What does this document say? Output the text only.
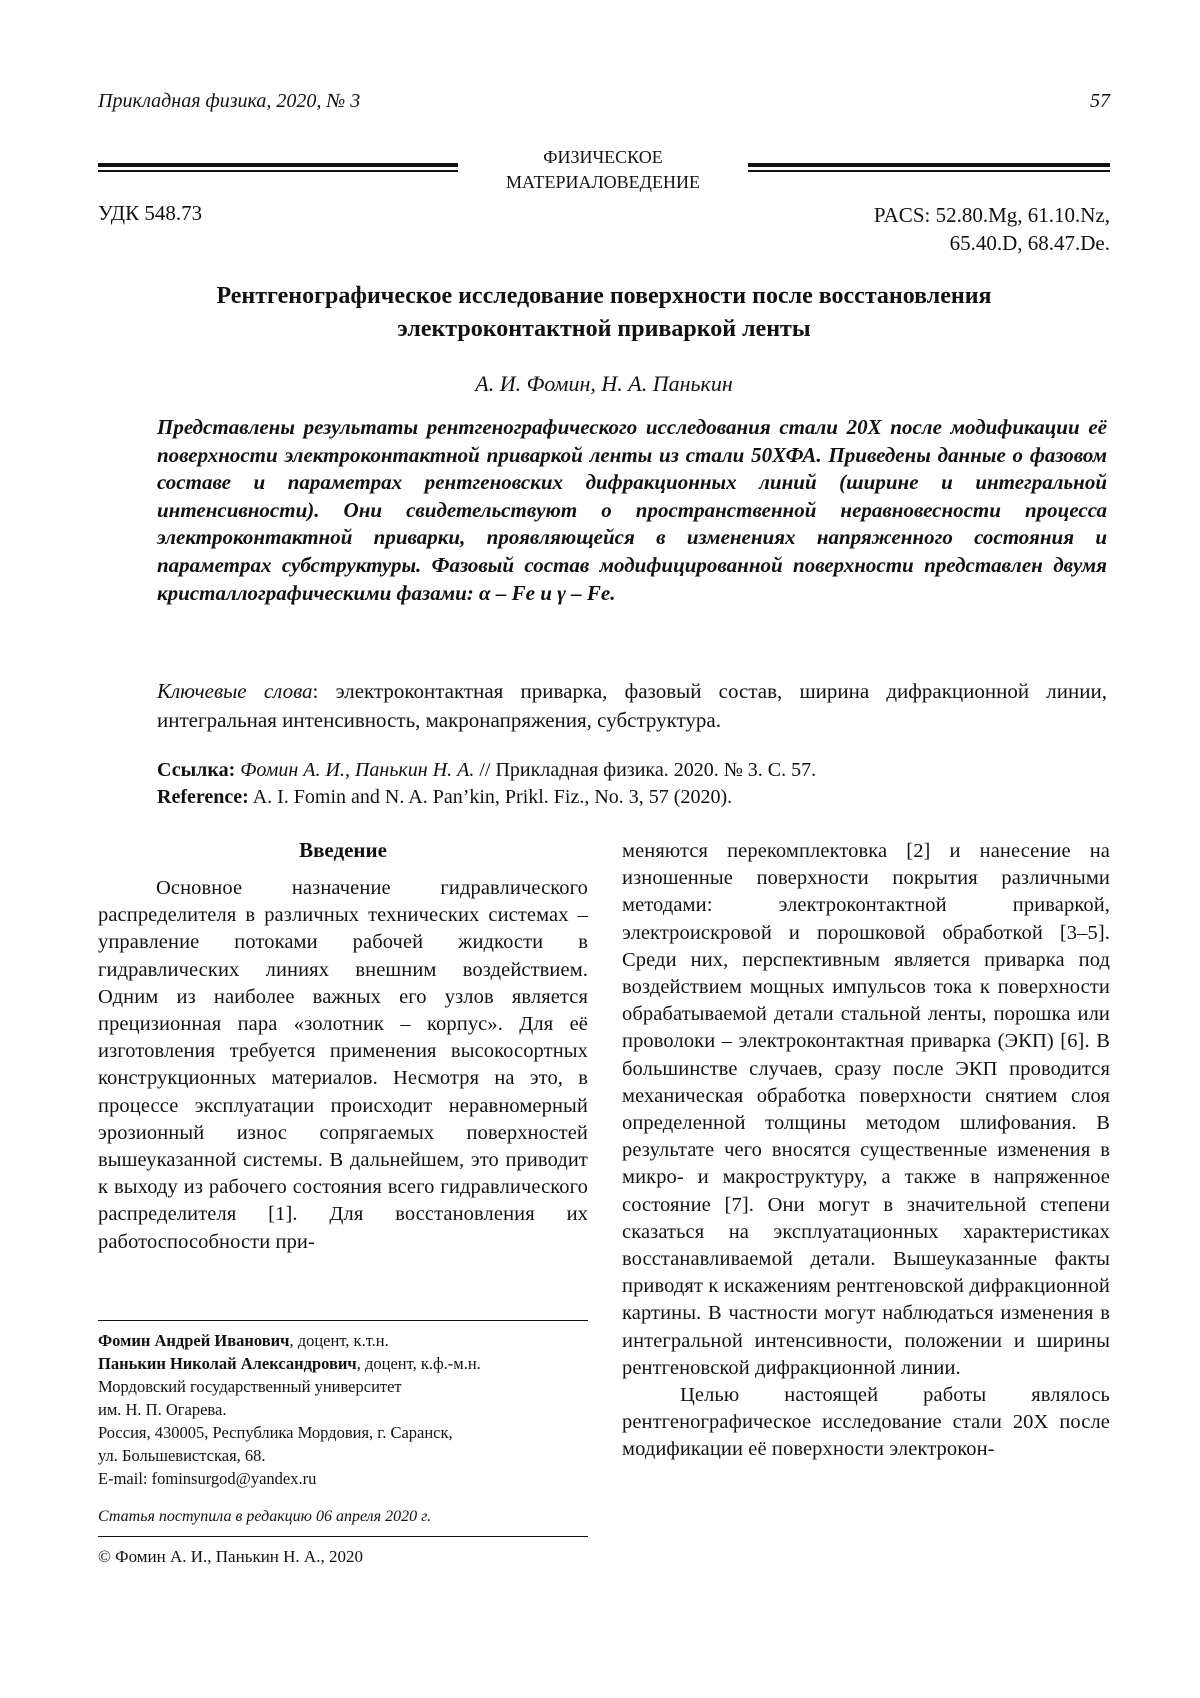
Прикладная физика, 2020, № 3	57
ФИЗИЧЕСКОЕ
МАТЕРИАЛОВЕДЕНИЕ
УДК 548.73	PACS: 52.80.Mg, 61.10.Nz,
65.40.D, 68.47.De.
Рентгенографическое исследование поверхности после восстановления
электроконтактной приваркой ленты
А. И. Фомин, Н. А. Панькин
Представлены результаты рентгенографического исследования стали 20Х после модификации её поверхности электроконтактной приваркой ленты из стали 50ХФА. Приведены данные о фазовом составе и параметрах рентгеновских дифракционных линий (ширине и интегральной интенсивности). Они свидетельствуют о пространственной неравновесности процесса электроконтактной приварки, проявляющейся в изменениях напряженного состояния и параметрах субструктуры. Фазовый состав модифицированной поверхности представлен двумя кристаллографическими фазами: α – Fe и γ – Fe.
Ключевые слова: электроконтактная приварка, фазовый состав, ширина дифракционной линии, интегральная интенсивность, макронапряжения, субструктура.
Ссылка: Фомин А. И., Панькин Н. А. // Прикладная физика. 2020. № 3. С. 57.
Reference: A. I. Fomin and N. A. Pan’kin, Prikl. Fiz., No. 3, 57 (2020).
Введение
Основное назначение гидравлического распределителя в различных технических системах – управление потоками рабочей жидкости в гидравлических линиях внешним воздействием. Одним из наиболее важных его узлов является прецизионная пара «золотник – корпус». Для её изготовления требуется применения высокосортных конструкционных материалов. Несмотря на это, в процессе эксплуатации происходит неравномерный эрозионный износ сопрягаемых поверхностей вышеуказанной системы. В дальнейшем, это приводит к выходу из рабочего состояния всего гидравлического распределителя [1]. Для восстановления их работоспособности при-
меняются перекомплектовка [2] и нанесение на изношенные поверхности покрытия различными методами: электроконтактной приваркой, электроискровой и порошковой обработкой [3–5]. Среди них, перспективным является приварка под воздействием мощных импульсов тока к поверхности обрабатываемой детали стальной ленты, порошка или проволоки – электроконтактная приварка (ЭКП) [6]. В большинстве случаев, сразу после ЭКП проводится механическая обработка поверхности снятием слоя определенной толщины методом шлифования. В результате чего вносятся существенные изменения в микро- и макроструктуру, а также в напряженное состояние [7]. Они могут в значительной степени сказаться на эксплуатационных характеристиках восстанавливаемой детали. Вышеуказанные факты приводят к искажениям рентгеновской дифракционной картины. В частности могут наблюдаться изменения в интегральной интенсивности, положении и ширины рентгеновской дифракционной линии.
Целью настоящей работы являлось рентгенографическое исследование стали 20Х после модификации её поверхности электрокон-
Фомин Андрей Иванович, доцент, к.т.н.
Панькин Николай Александрович, доцент, к.ф.-м.н.
Мордовский государственный университет
им. Н. П. Огарева.
Россия, 430005, Республика Мордовия, г. Саранск,
ул. Большевистская, 68.
E-mail: fominsurgod@yandex.ru
Статья поступила в редакцию 06 апреля 2020 г.
© Фомин А. И., Панькин Н. А., 2020
